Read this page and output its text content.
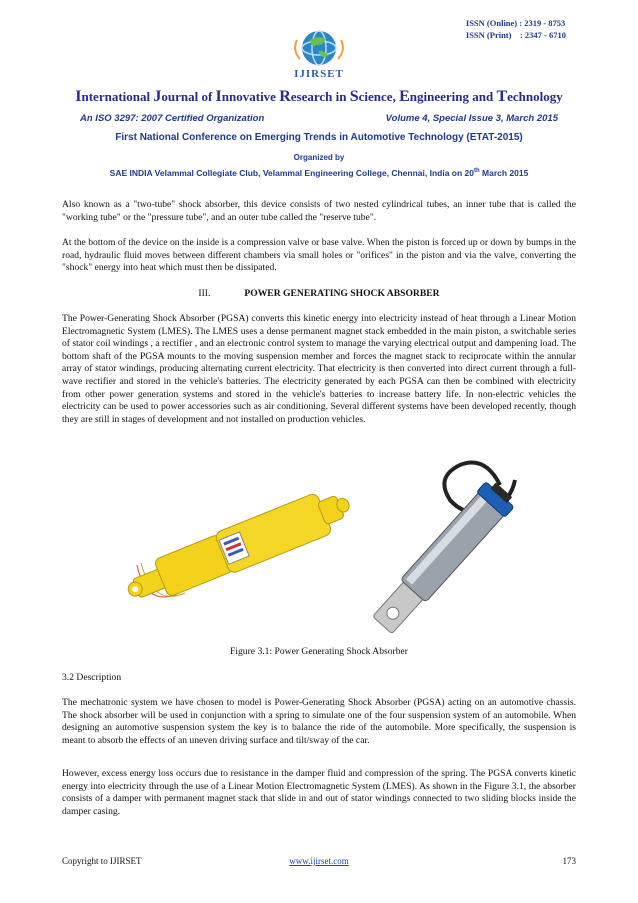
ISSN (Online) : 2319 - 8753
ISSN (Print)    : 2347 - 6710
IJIRSET
International Journal of Innovative Research in Science, Engineering and Technology
An ISO 3297: 2007 Certified Organization	Volume 4, Special Issue 3, March 2015
First National Conference on Emerging Trends in Automotive Technology (ETAT-2015)
Organized by
SAE INDIA Velammal Collegiate Club, Velammal Engineering College, Chennai, India on 20th March 2015
Also known as a "two-tube" shock absorber, this device consists of two nested cylindrical tubes, an inner tube that is called the "working tube" or the "pressure tube", and an outer tube called the "reserve tube".
At the bottom of the device on the inside is a compression valve or base valve. When the piston is forced up or down by bumps in the road, hydraulic fluid moves between different chambers via small holes or "orifices" in the piston and via the valve, converting the "shock" energy into heat which must then be dissipated.
III.	POWER GENERATING SHOCK ABSORBER
The Power-Generating Shock Absorber (PGSA) converts this kinetic energy into electricity instead of heat through a Linear Motion Electromagnetic System (LMES). The LMES uses a dense permanent magnet stack embedded in the main piston, a switchable series of stator coil windings , a rectifier , and an electronic control system to manage the varying electrical output and dampening load. The bottom shaft of the PGSA mounts to the moving suspension member and forces the magnet stack to reciprocate within the annular array of stator windings, producing alternating current electricity. That electricity is then converted into direct current through a full-wave rectifier and stored in the vehicle's batteries. The electricity generated by each PGSA can then be combined with electricity from other power generation systems and stored in the vehicle's batteries to increase battery life. In non-electric vehicles the electricity can be used to power accessories such as air conditioning. Several different systems have been developed recently, though they are still in stages of development and not installed on production vehicles.
Figure 3.1: Power Generating Shock Absorber
3.2 Description
The mechatronic system we have chosen to model is Power-Generating Shock Absorber (PGSA) acting on an automotive chassis. The shock absorber will be used in conjunction with a spring to simulate one of the four suspension system of an automobile. When designing an automotive suspension system the key is to balance the ride of the automobile. More specifically, the suspension is meant to absorb the effects of an uneven driving surface and tilt/sway of the car.
However, excess energy loss occurs due to resistance in the damper fluid and compression of the spring. The PGSA converts kinetic energy into electricity through the use of a Linear Motion Electromagnetic System (LMES). As shown in the Figure 3.1, the absorber consists of a damper with permanent magnet stack that slide in and out of stator windings connected to two sliding blocks inside the damper casing.
Copyright to IJIRSET	www.ijirset.com	173
